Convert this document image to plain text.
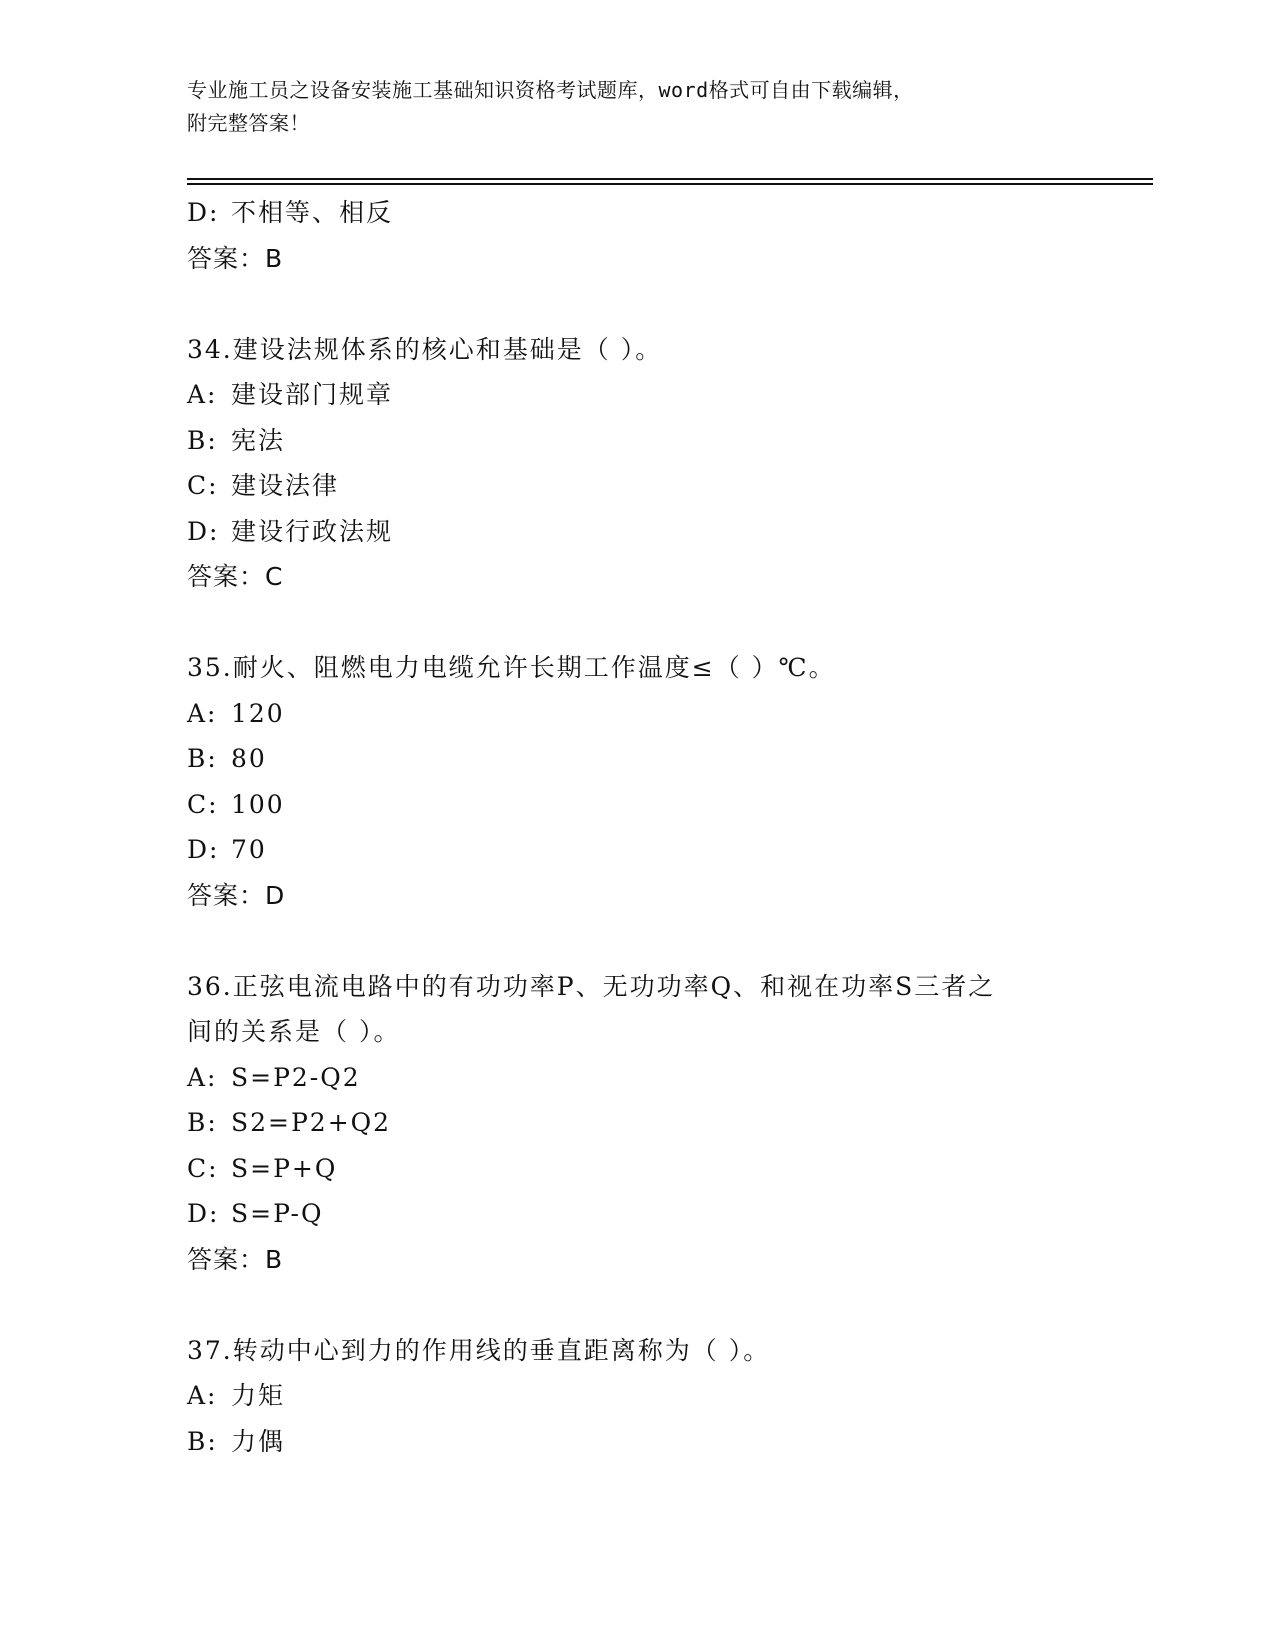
专业施工员之设备安装施工基础知识资格考试题库，word格式可自由下载编辑，
附完整答案！
D: 不相等、相反
答案：B
34.建设法规体系的核心和基础是（ ）。
A: 建设部门规章
B: 宪法
C: 建设法律
D: 建设行政法规
答案：C
35.耐火、阻燃电力电缆允许长期工作温度≤（ ）℃。
A: 120
B: 80
C: 100
D: 70
答案：D
36.正弦电流电路中的有功功率P、无功功率Q、和视在功率S三者之
间的关系是（ ）。
A: S=P2-Q2
B: S2=P2+Q2
C: S=P+Q
D: S=P-Q
答案：B
37.转动中心到力的作用线的垂直距离称为（ ）。
A: 力矩
B: 力偶
